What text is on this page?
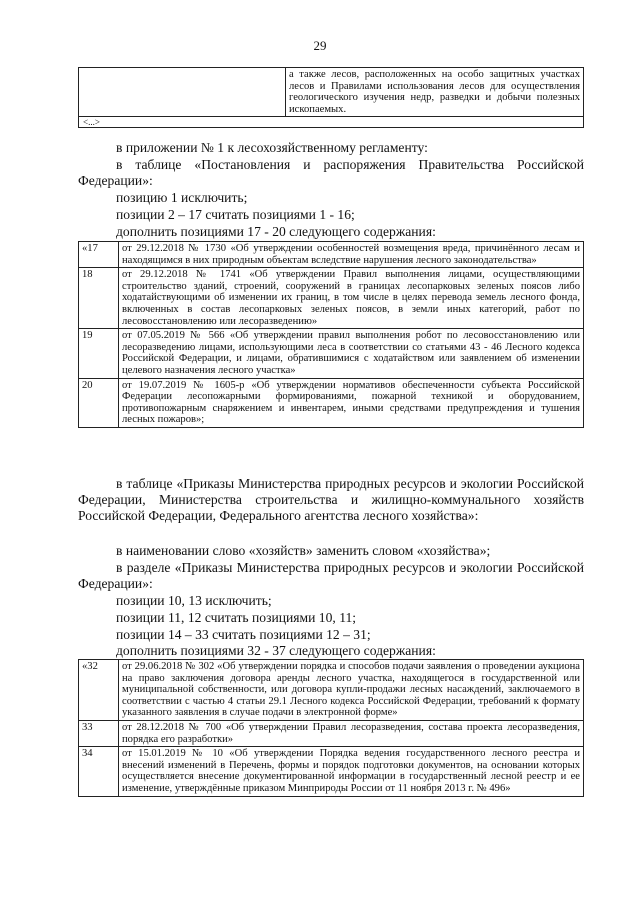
29
	а также лесов, расположенных на особо защитных участках лесов и Правилами использования лесов для осуществления геологического изучения недр, разведки и добычи полезных ископаемых.
<...>
в приложении № 1 к лесохозяйственному регламенту:
в таблице «Постановления и распоряжения Правительства Российской Федерации»:
позицию 1 исключить;
позиции 2 – 17 считать позициями 1 - 16;
дополнить позициями 17 - 20 следующего содержания:
«17	от 29.12.2018 № 1730 «Об утверждении особенностей возмещения вреда, причинённого лесам и находящимся в них природным объектам вследствие нарушения лесного законодательства»
18	от 29.12.2018 № 1741 «Об утверждении Правил выполнения лицами, осуществляющими строительство зданий, строений, сооружений в границах лесопарковых зеленых поясов либо ходатайствующими об изменении их границ, в том числе в целях перевода земель лесного фонда, включенных в состав лесопарковых зеленых поясов, в земли иных категорий, работ по лесовосстановлению или лесоразведению»
19	от 07.05.2019 № 566 «Об утверждении правил выполнения робот по лесовосстановлению или лесоразведению лицами, использующими леса в соответствии со статьями 43 - 46 Лесного кодекса Российской Федерации, и лицами, обратившимися с ходатайством или заявлением об изменении целевого назначения лесного участка»
20	от 19.07.2019 № 1605-р «Об утверждении нормативов обеспеченности субъекта Российской Федерации лесопожарными формированиями, пожарной техникой и оборудованием, противопожарным снаряжением и инвентарем, иными средствами предупреждения и тушения лесных пожаров»;
в таблице «Приказы Министерства природных ресурсов и экологии Российской Федерации, Министерства строительства и жилищно-коммунального хозяйств Российской Федерации, Федерального агентства лесного хозяйства»:
в наименовании слово «хозяйств» заменить словом «хозяйства»;
в разделе «Приказы Министерства природных ресурсов и экологии Российской Федерации»:
позиции 10, 13 исключить;
позиции 11, 12 считать позициями 10, 11;
позиции 14 – 33 считать позициями 12 – 31;
дополнить позициями 32 - 37 следующего содержания:
«32	от 29.06.2018 № 302 «Об утверждении порядка и способов подачи заявления о проведении аукциона на право заключения договора аренды лесного участка, находящегося в государственной или муниципальной собственности, или договора купли-продажи лесных насаждений, заключаемого в соответствии с частью 4 статьи 29.1 Лесного кодекса Российской Федерации, требований к формату указанного заявления в случае подачи в электронной форме»
33	от 28.12.2018 № 700 «Об утверждении Правил лесоразведения, состава проекта лесоразведения, порядка его разработки»
34	от 15.01.2019 № 10 «Об утверждении Порядка ведения государственного лесного реестра и внесений изменений в Перечень, формы и порядок подготовки документов, на основании которых осуществляется внесение документированной информации в государственный лесной реестр и ее изменение, утверждённые приказом Минприроды России от 11 ноября 2013 г. № 496»
